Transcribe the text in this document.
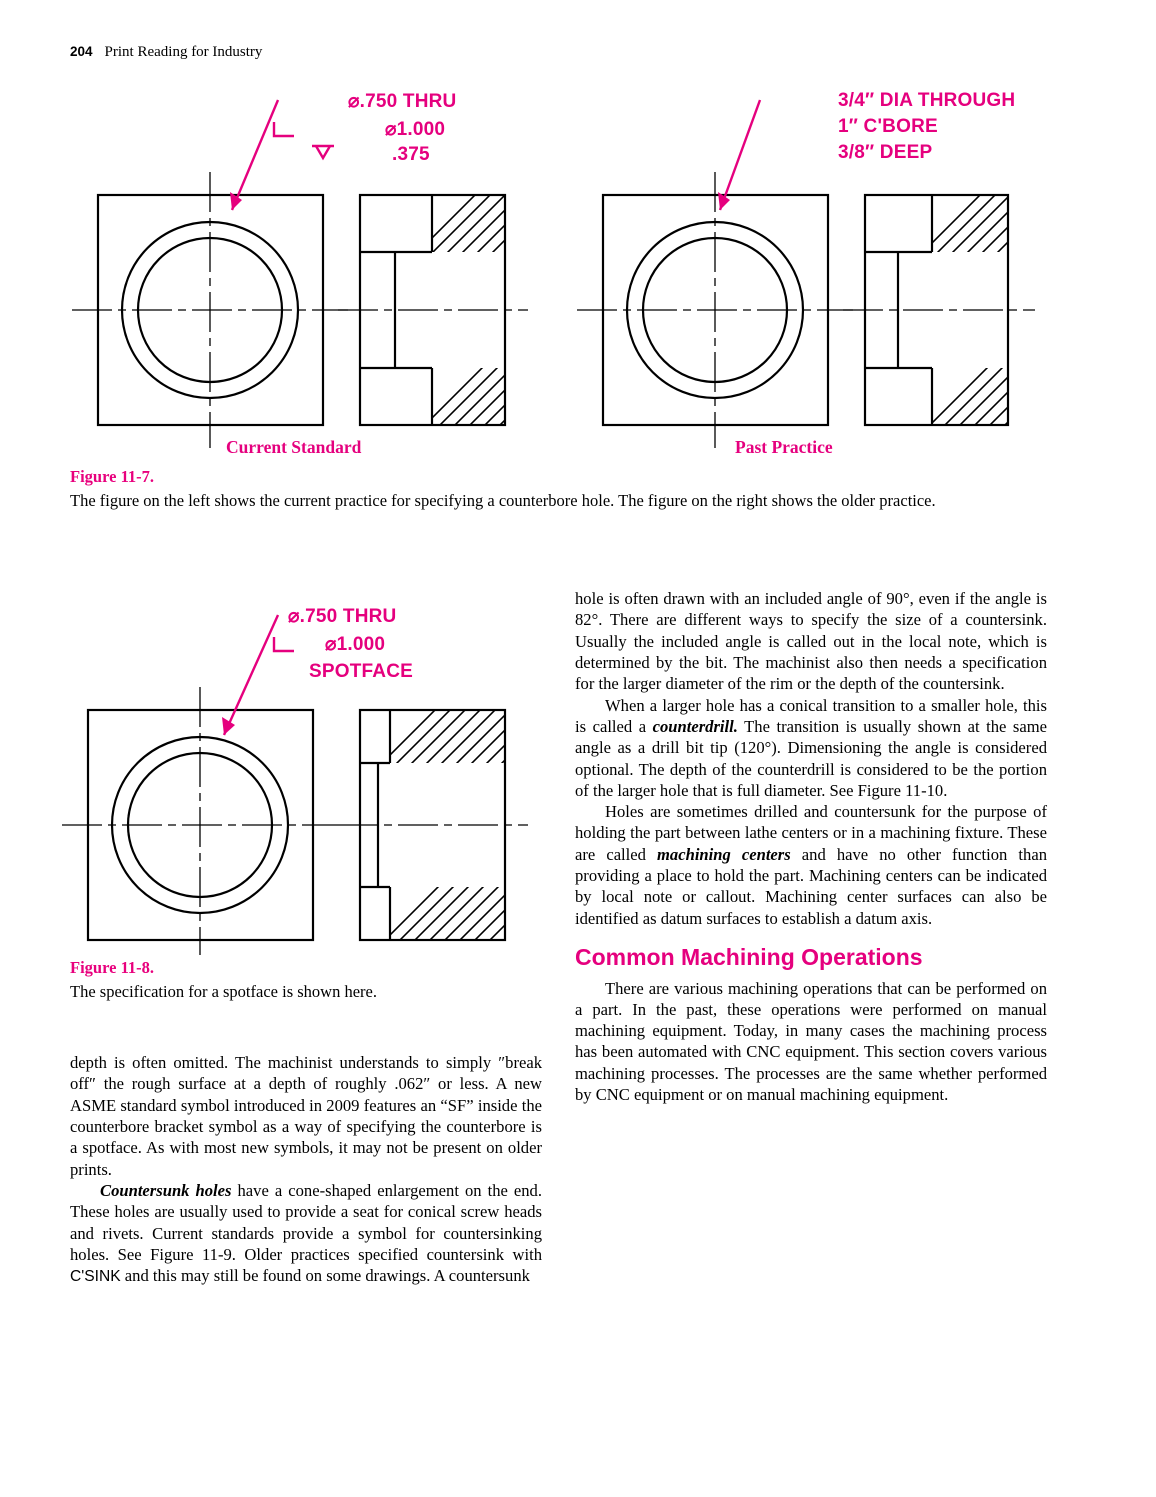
204 Print Reading for Industry
⌀.750 THRU
⌀1.000
.375
3/4″ DIA THROUGH
1″ C'BORE
3/8″ DEEP
Current Standard	Past Practice
Figure 11-7.
The figure on the left shows the current practice for specifying a counterbore hole. The figure on the right shows the older practice.
⌀.750 THRU
⌀1.000
SPOTFACE
Figure 11-8.
The specification for a spotface is shown here.

depth is often omitted. The machinist understands to simply ″break off″ the rough surface at a depth of roughly .062″ or less. A new ASME standard symbol introduced in 2009 features an “SF” inside the counterbore bracket symbol as a way of specifying the counterbore is a spotface. As with most new symbols, it may not be present on older prints.

Countersunk holes have a cone-shaped enlargement on the end. These holes are usually used to provide a seat for conical screw heads and rivets. Current standards provide a symbol for countersinking holes. See Figure 11-9. Older practices specified countersink with C'SINK and this may still be found on some drawings. A countersunk

hole is often drawn with an included angle of 90°, even if the angle is 82°. There are different ways to specify the size of a countersink. Usually the included angle is called out in the local note, which is determined by the bit. The machinist also then needs a specification for the larger diameter of the rim or the depth of the countersink.

When a larger hole has a conical transition to a smaller hole, this is called a counterdrill. The transition is usually shown at the same angle as a drill bit tip (120°). Dimensioning the angle is considered optional. The depth of the counterdrill is considered to be the portion of the larger hole that is full diameter. See Figure 11-10.

Holes are sometimes drilled and countersunk for the purpose of holding the part between lathe centers or in a machining fixture. These are called machining centers and have no other function than providing a place to hold the part. Machining centers can be indicated by local note or callout. Machining center surfaces can also be identified as datum surfaces to establish a datum axis.

Common Machining Operations

There are various machining operations that can be performed on a part. In the past, these operations were performed on manual machining equipment. Today, in many cases the machining process has been automated with CNC equipment. This section covers various machining processes. The processes are the same whether performed by CNC equipment or on manual machining equipment.
